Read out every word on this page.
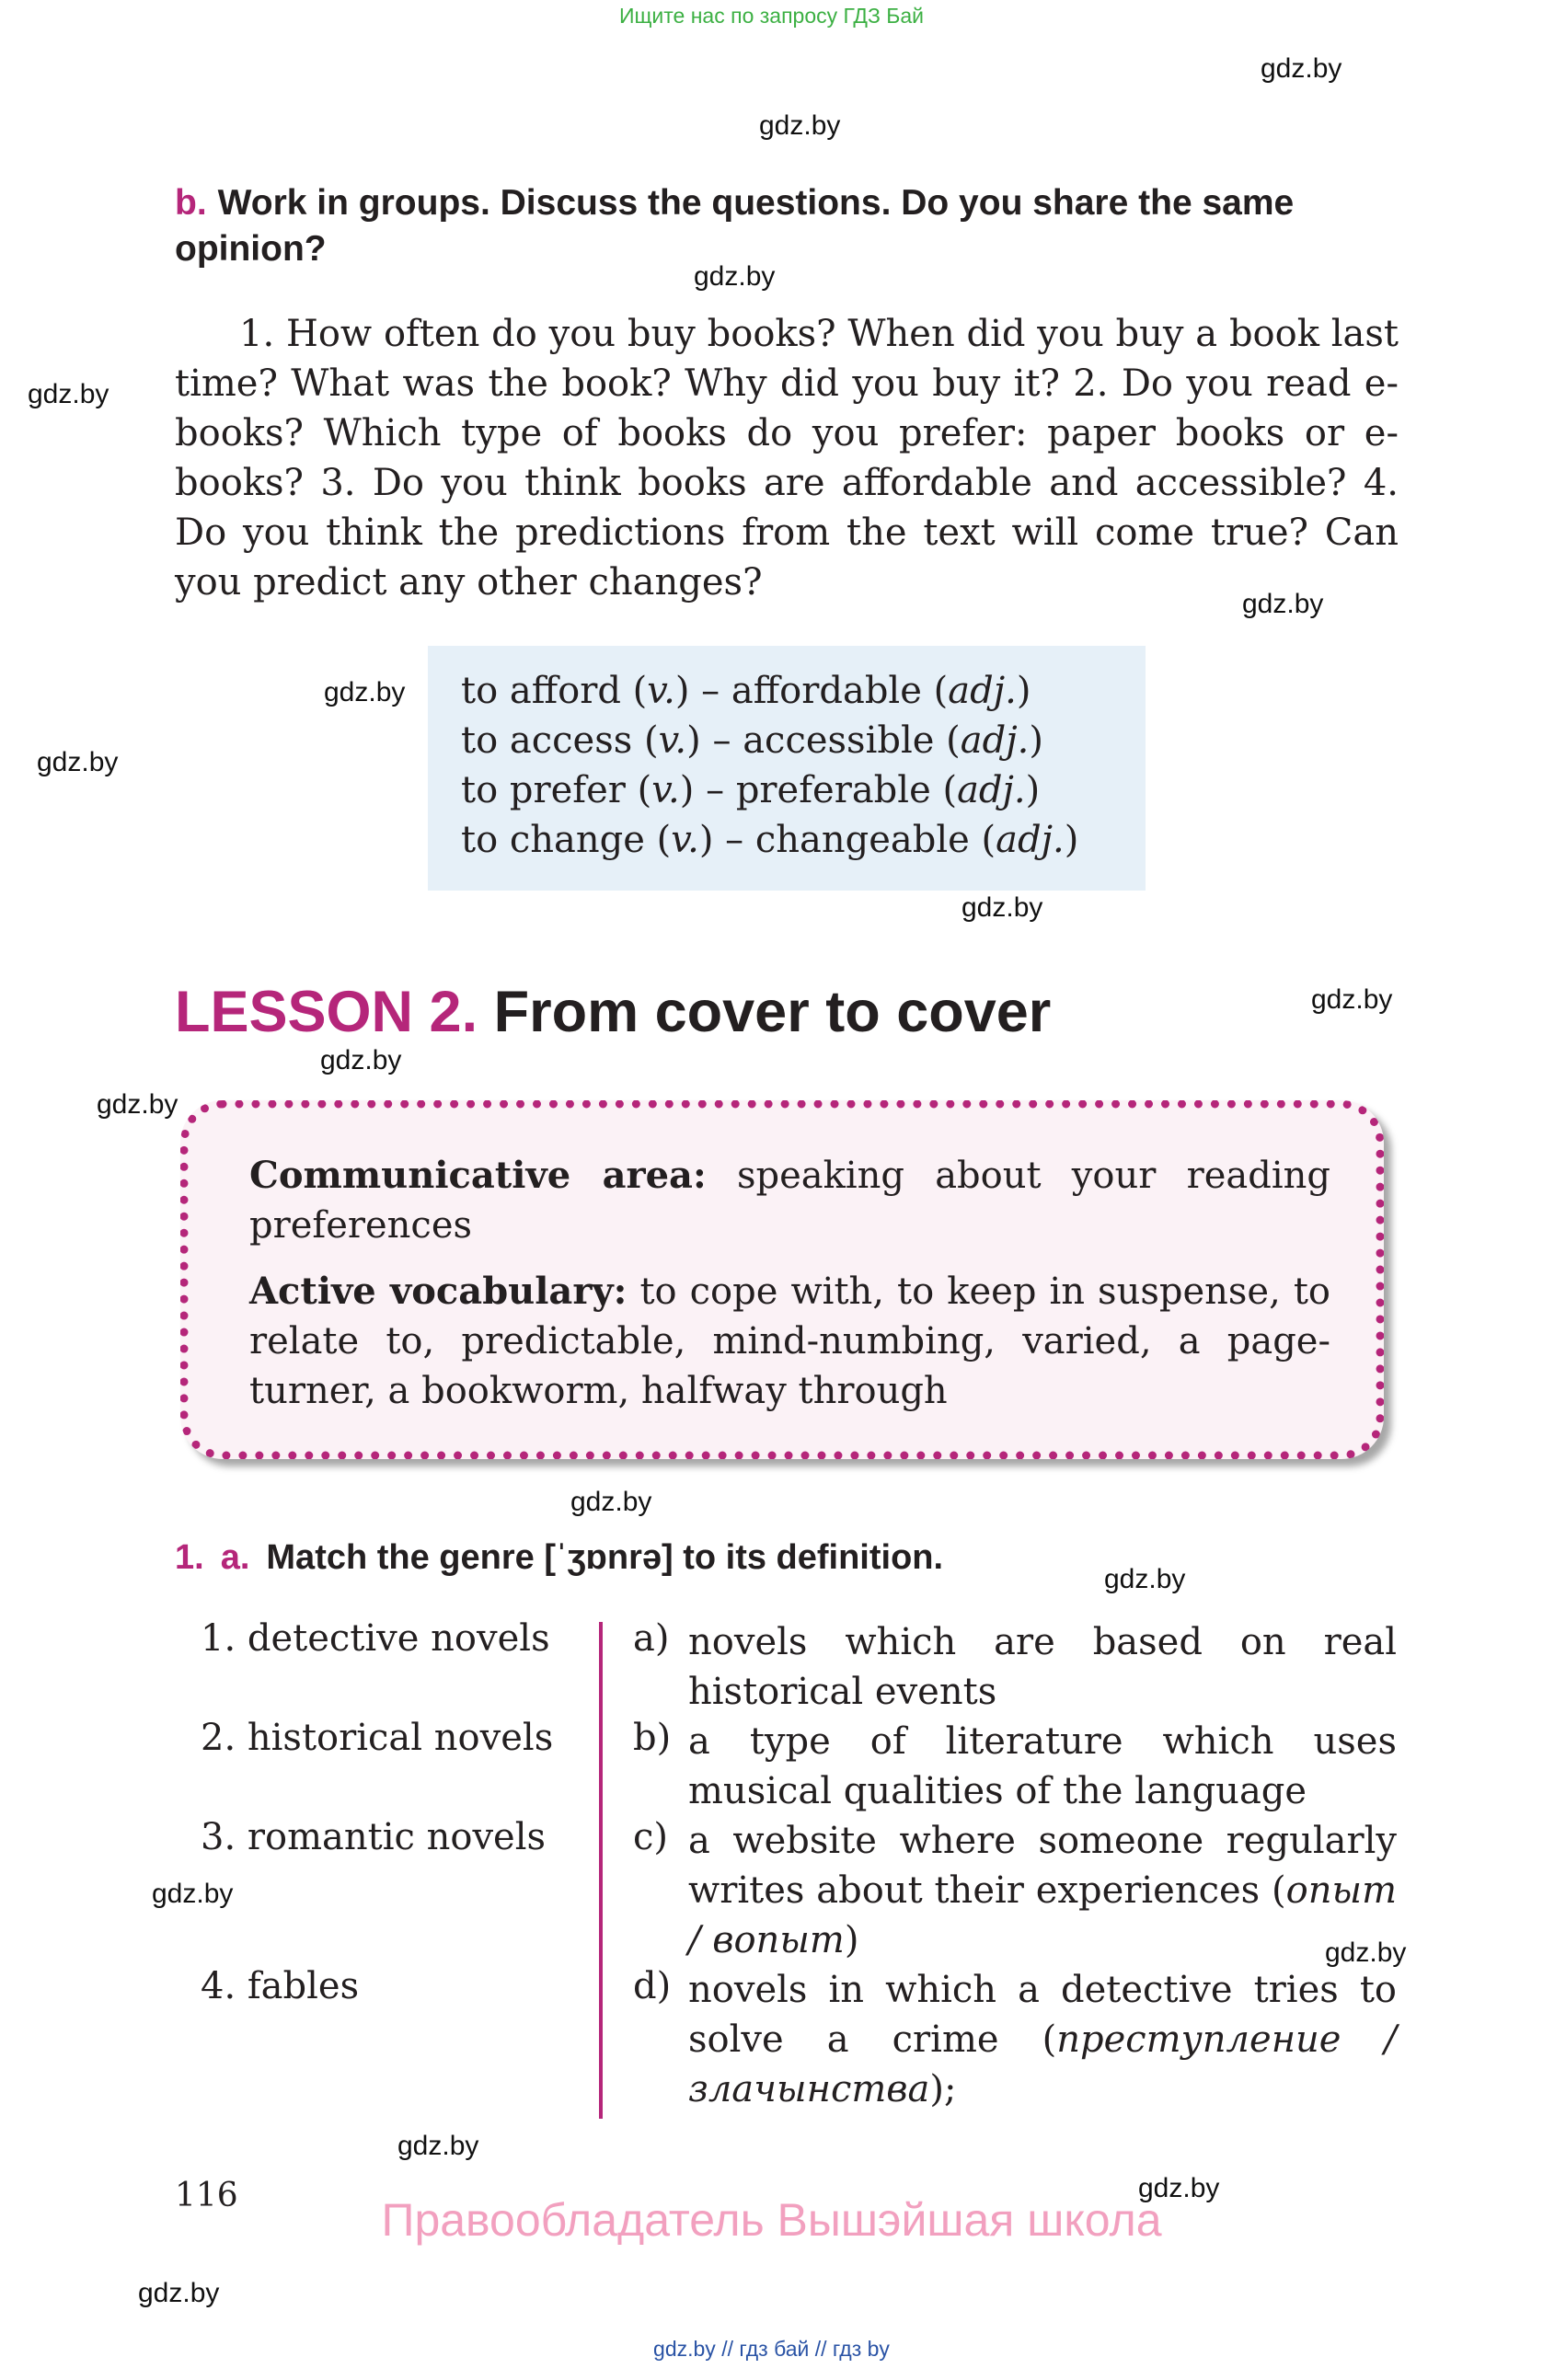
Ищите нас по запросу ГДЗ Бай
gdz.by
gdz.by
gdz.by
gdz.by
gdz.by
gdz.by
gdz.by
gdz.by
gdz.by
gdz.by
gdz.by
gdz.by
gdz.by
gdz.by
gdz.by
gdz.by
gdz.by
gdz.by
b. Work in groups. Discuss the questions. Do you share the same opinion?
1. How often do you buy books? When did you buy a book last time? What was the book? Why did you buy it? 2. Do you read e-books? Which type of books do you prefer: paper books or e-books? 3. Do you think books are affordable and accessible? 4. Do you think the predictions from the text will come true? Can you predict any other changes?
to afford (v.) – affordable (adj.)
to access (v.) – accessible (adj.)
to prefer (v.) – preferable (adj.)
to change (v.) – changeable (adj.)
LESSON 2. From cover to cover
Communicative area: speaking about your reading preferences
Active vocabulary: to cope with, to keep in suspense, to relate to, predictable, mind-numbing, varied, a page-turner, a bookworm, halfway through
1. a. Match the genre [ˈʒɒnrə] to its definition.
1. detective novels
2. historical novels
3. romantic novels
4. fables
a) novels which are based on real historical events
b) a type of literature which uses musical qualities of the language
c) a website where someone regularly writes about their experiences (опыт / вопыт)
d) novels in which a detective tries to solve a crime (преступление / злачынства);
116	Правообладатель Вышэйшая школа
gdz.by // гдз бай // гдз by
